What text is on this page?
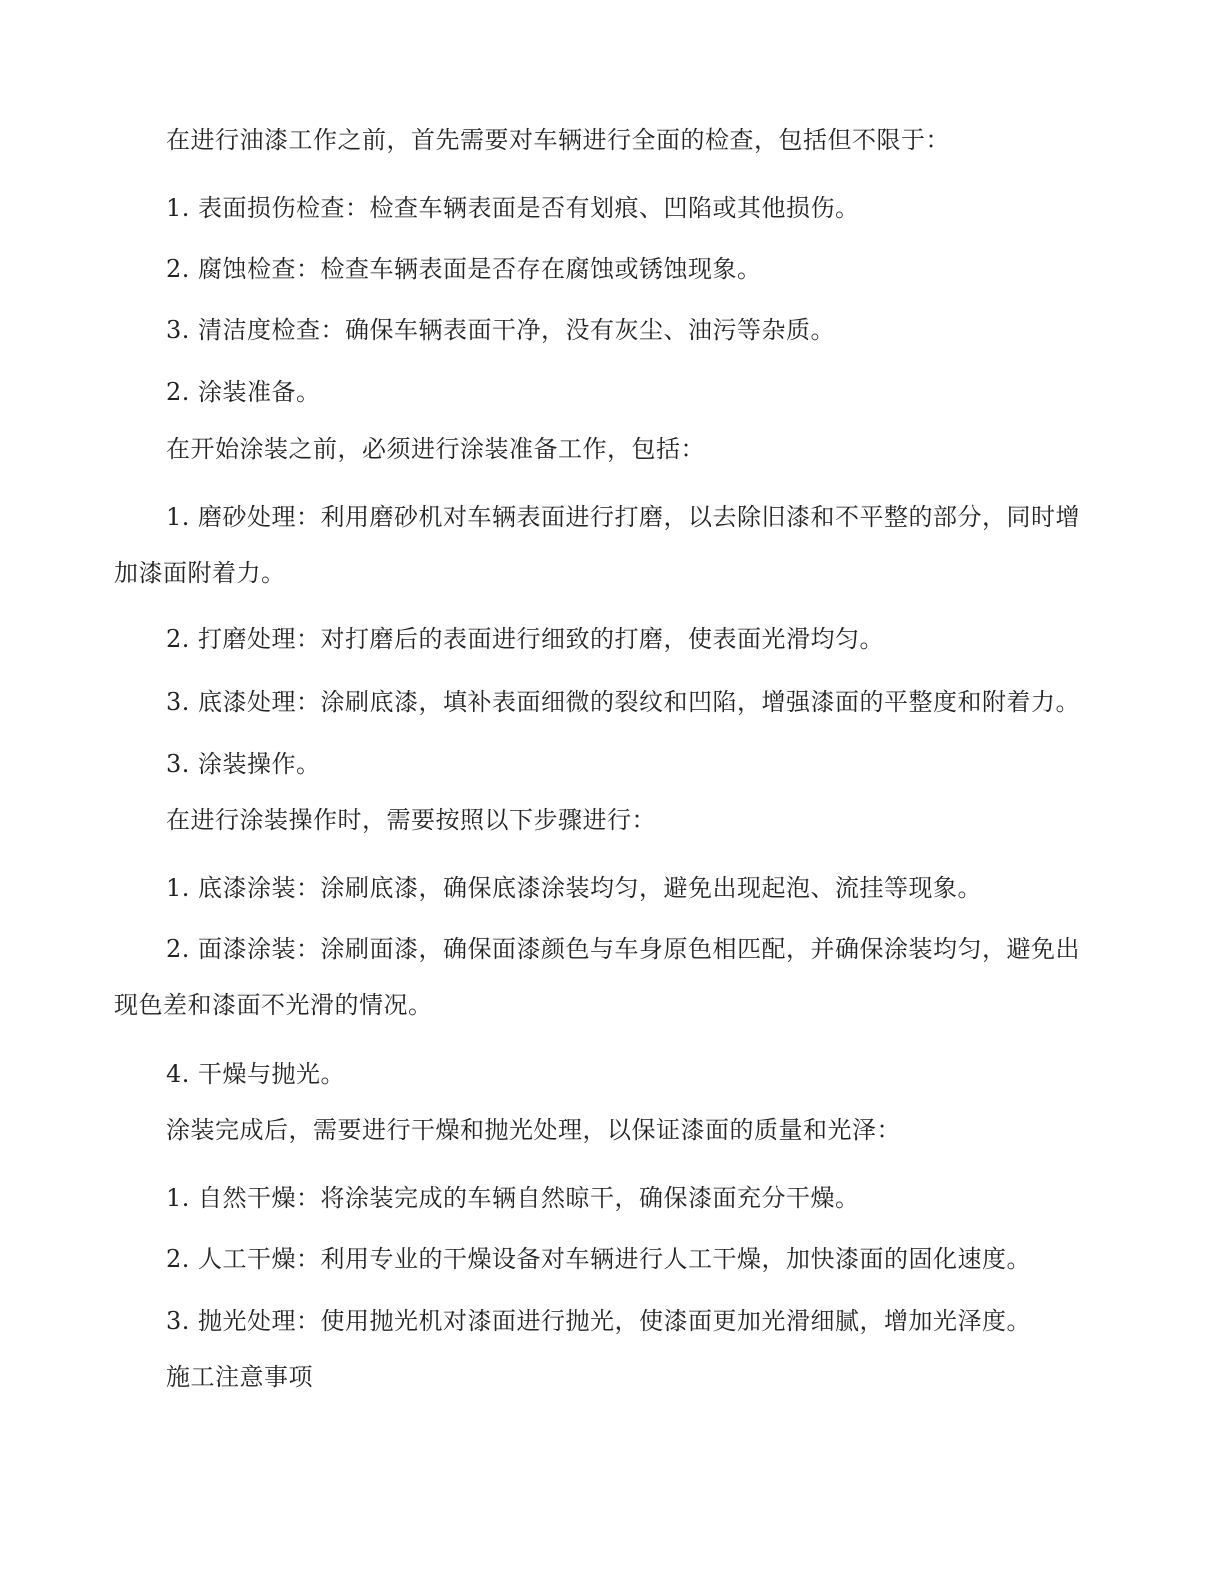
在进行油漆工作之前，首先需要对车辆进行全面的检查，包括但不限于：

1. 表面损伤检查：检查车辆表面是否有划痕、凹陷或其他损伤。

2. 腐蚀检查：检查车辆表面是否存在腐蚀或锈蚀现象。

3. 清洁度检查：确保车辆表面干净，没有灰尘、油污等杂质。

2. 涂装准备。

在开始涂装之前，必须进行涂装准备工作，包括：

1. 磨砂处理：利用磨砂机对车辆表面进行打磨，以去除旧漆和不平整的部分，同时增加漆面附着力。

2. 打磨处理：对打磨后的表面进行细致的打磨，使表面光滑均匀。

3. 底漆处理：涂刷底漆，填补表面细微的裂纹和凹陷，增强漆面的平整度和附着力。

3. 涂装操作。

在进行涂装操作时，需要按照以下步骤进行：

1. 底漆涂装：涂刷底漆，确保底漆涂装均匀，避免出现起泡、流挂等现象。

2. 面漆涂装：涂刷面漆，确保面漆颜色与车身原色相匹配，并确保涂装均匀，避免出现色差和漆面不光滑的情况。

4. 干燥与抛光。

涂装完成后，需要进行干燥和抛光处理，以保证漆面的质量和光泽：

1. 自然干燥：将涂装完成的车辆自然晾干，确保漆面充分干燥。

2. 人工干燥：利用专业的干燥设备对车辆进行人工干燥，加快漆面的固化速度。

3. 抛光处理：使用抛光机对漆面进行抛光，使漆面更加光滑细腻，增加光泽度。

施工注意事项
